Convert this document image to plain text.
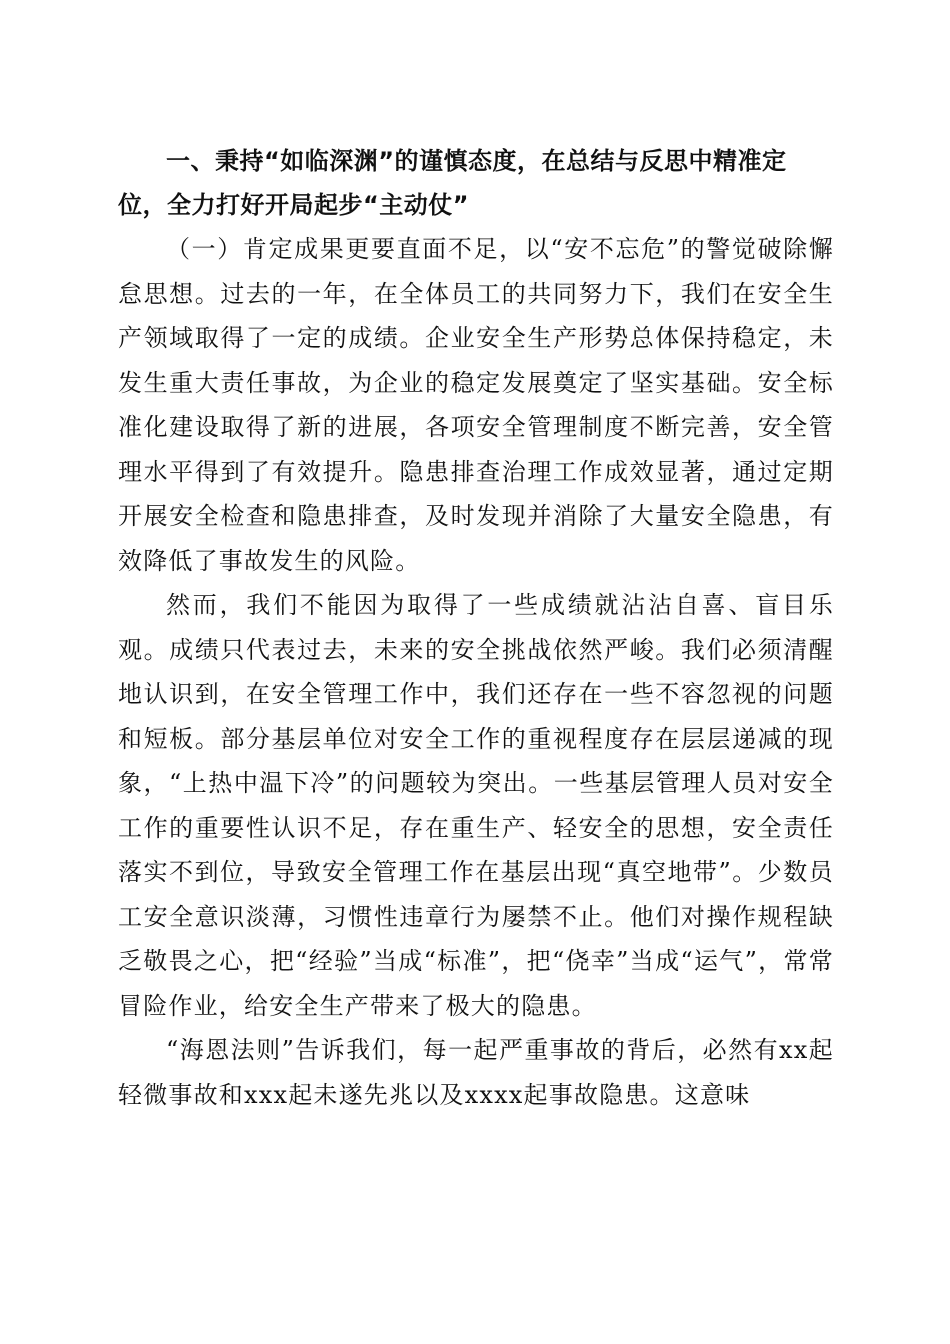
一、秉持“如临深渊”的谨慎态度，在总结与反思中精准定位，全力打好开局起步“主动仗”

（一）肯定成果更要直面不足，以“安不忘危”的警觉破除懈怠思想。过去的一年，在全体员工的共同努力下，我们在安全生产领域取得了一定的成绩。企业安全生产形势总体保持稳定，未发生重大责任事故，为企业的稳定发展奠定了坚实基础。安全标准化建设取得了新的进展，各项安全管理制度不断完善，安全管理水平得到了有效提升。隐患排查治理工作成效显著，通过定期开展安全检查和隐患排查，及时发现并消除了大量安全隐患，有效降低了事故发生的风险。

然而，我们不能因为取得了一些成绩就沾沾自喜、盲目乐观。成绩只代表过去，未来的安全挑战依然严峻。我们必须清醒地认识到，在安全管理工作中，我们还存在一些不容忽视的问题和短板。部分基层单位对安全工作的重视程度存在层层递减的现象，“上热中温下冷”的问题较为突出。一些基层管理人员对安全工作的重要性认识不足，存在重生产、轻安全的思想，安全责任落实不到位，导致安全管理工作在基层出现“真空地带”。少数员工安全意识淡薄，习惯性违章行为屡禁不止。他们对操作规程缺乏敬畏之心，把“经验”当成“标准”，把“侥幸”当成“运气”，常常冒险作业，给安全生产带来了极大的隐患。

“海恩法则”告诉我们，每一起严重事故的背后，必然有xx起轻微事故和xxx起未遂先兆以及xxxx起事故隐患。这意味
